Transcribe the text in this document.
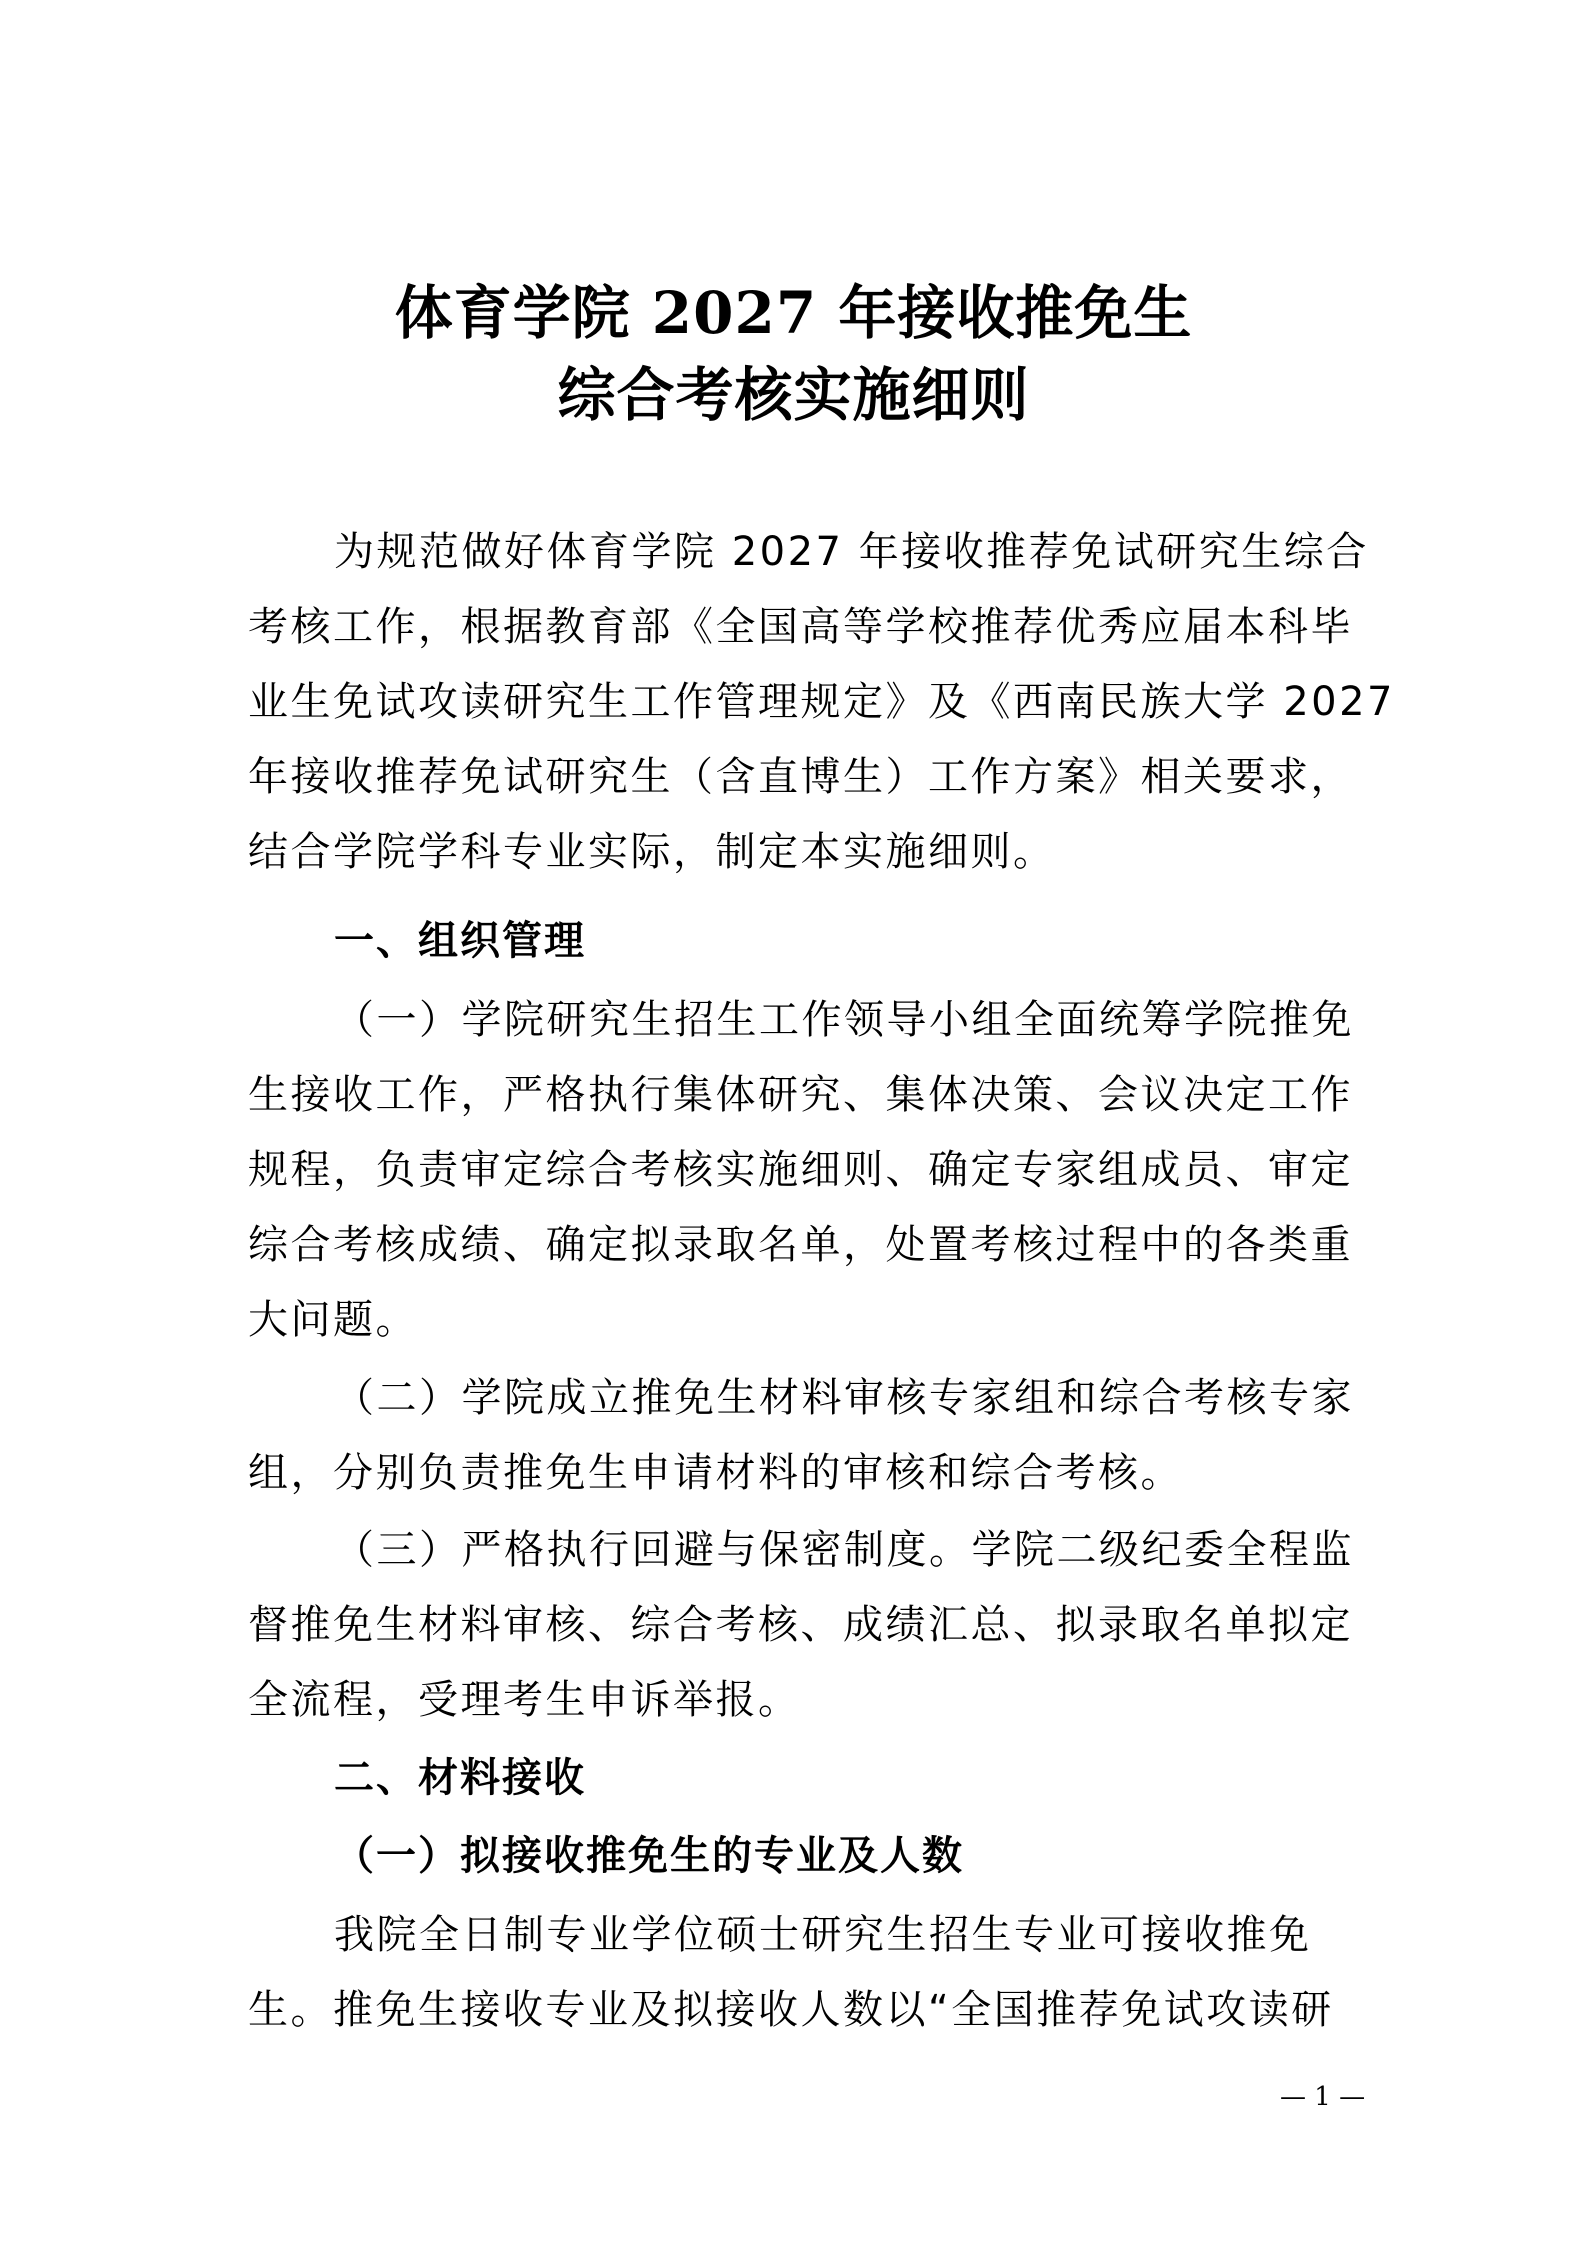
体育学院 2027 年接收推免生
综合考核实施细则
为规范做好体育学院 2027 年接收推荐免试研究生综合
考核工作，根据教育部《全国高等学校推荐优秀应届本科毕
业生免试攻读研究生工作管理规定》及《西南民族大学 2027
年接收推荐免试研究生（含直博生）工作方案》相关要求，
结合学院学科专业实际，制定本实施细则。
一、组织管理
（一）学院研究生招生工作领导小组全面统筹学院推免
生接收工作，严格执行集体研究、集体决策、会议决定工作
规程，负责审定综合考核实施细则、确定专家组成员、审定
综合考核成绩、确定拟录取名单，处置考核过程中的各类重
大问题。
（二）学院成立推免生材料审核专家组和综合考核专家
组，分别负责推免生申请材料的审核和综合考核。
（三）严格执行回避与保密制度。学院二级纪委全程监
督推免生材料审核、综合考核、成绩汇总、拟录取名单拟定
全流程，受理考生申诉举报。
二、材料接收
（一）拟接收推免生的专业及人数
我院全日制专业学位硕士研究生招生专业可接收推免
生。推免生接收专业及拟接收人数以“全国推荐免试攻读研
— 1 —
